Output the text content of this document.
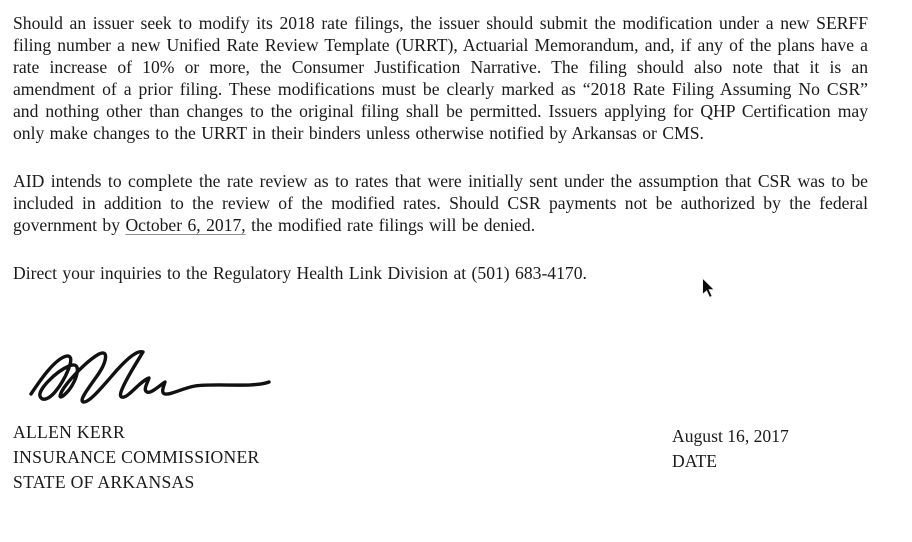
Should an issuer seek to modify its 2018 rate filings, the issuer should submit the modification under a new SERFF filing number a new Unified Rate Review Template (URRT), Actuarial Memorandum, and, if any of the plans have a rate increase of 10% or more, the Consumer Justification Narrative. The filing should also note that it is an amendment of a prior filing. These modifications must be clearly marked as “2018 Rate Filing Assuming No CSR” and nothing other than changes to the original filing shall be permitted. Issuers applying for QHP Certification may only make changes to the URRT in their binders unless otherwise notified by Arkansas or CMS.

AID intends to complete the rate review as to rates that were initially sent under the assumption that CSR was to be included in addition to the review of the modified rates. Should CSR payments not be authorized by the federal government by October 6, 2017, the modified rate filings will be denied.

Direct your inquiries to the Regulatory Health Link Division at (501) 683-4170.

ALLEN KERR
INSURANCE COMMISSIONER
STATE OF ARKANSAS
August 16, 2017
DATE
